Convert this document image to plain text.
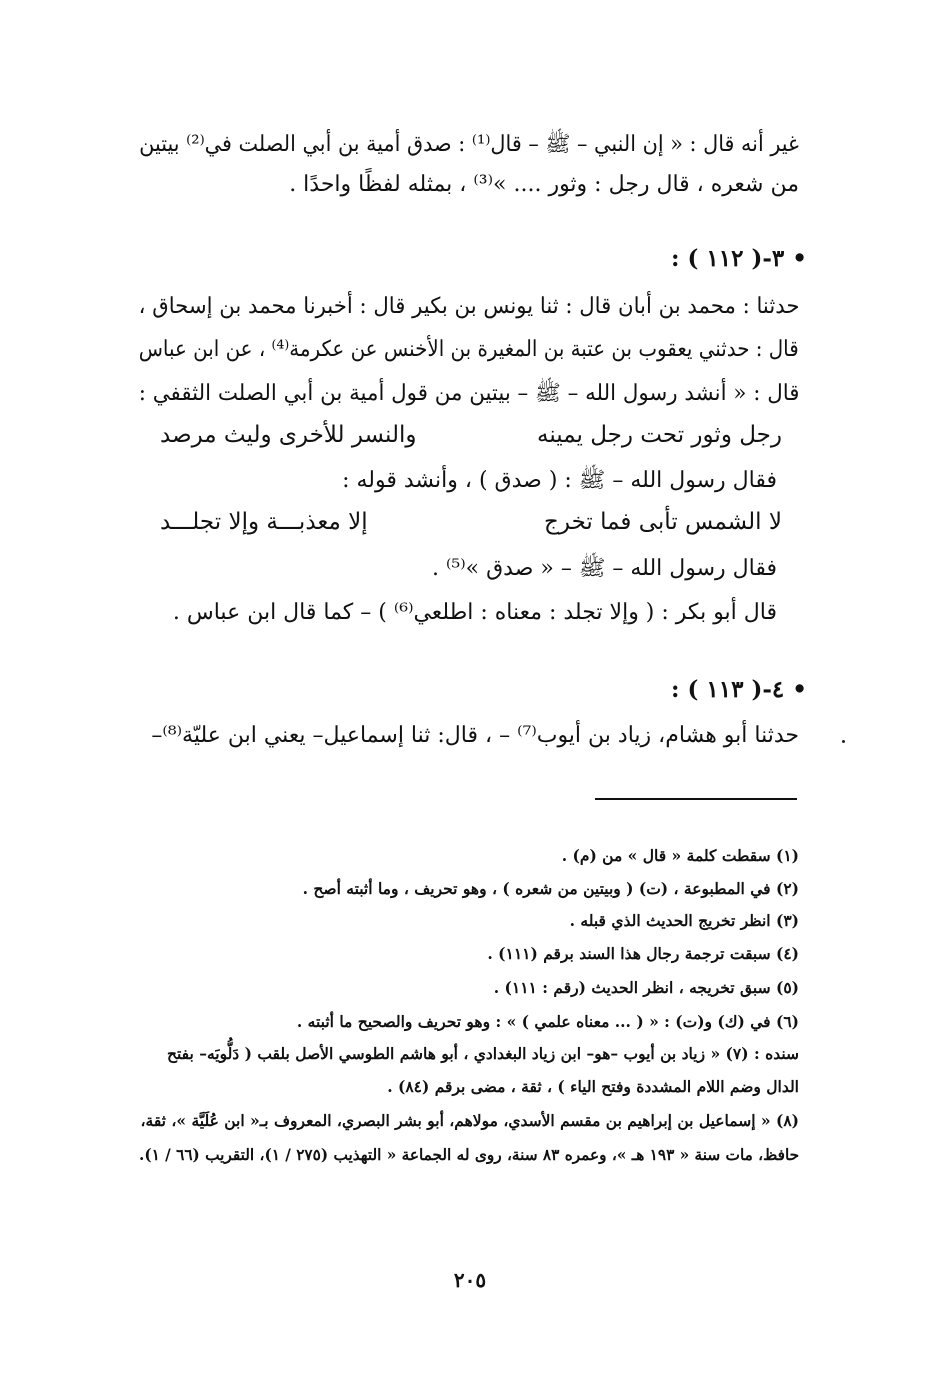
غير أنه قال : « إن النبي – ﷺ – قال⁽¹⁾ : صدق أمية بن أبي الصلت في⁽²⁾ بيتين
من شعره ، قال رجل : وثور .... »⁽³⁾ ، بمثله لفظًا واحدًا .
• ٣-( ١١٢ ) :
حدثنا : محمد بن أبان قال : ثنا يونس بن بكير قال : أخبرنا محمد بن إسحاق ،
قال : حدثني يعقوب بن عتبة بن المغيرة بن الأخنس عن عكرمة⁽⁴⁾ ، عن ابن عباس
قال : « أنشد رسول الله – ﷺ – بيتين من قول أمية بن أبي الصلت الثقفي :
رجل وثور تحت رجل يمينه
والنسر للأخرى وليث مرصد
فقال رسول الله – ﷺ : ( صدق ) ، وأنشد قوله :
لا الشمس تأبى فما تخرج
إلا معذبـــة وإلا تجلـــد
فقال رسول الله – ﷺ – « صدق »⁽⁵⁾ .
قال أبو بكر : ( وإلا تجلد : معناه : اطلعي⁽⁶⁾ ) – كما قال ابن عباس .
• ٤-( ١١٣ ) :
حدثنا أبو هشام، زياد بن أيوب⁽⁷⁾ – ، قال: ثنا إسماعيل– يعني ابن عليّة⁽⁸⁾–
(١) سقطت كلمة « قال » من (م) .
(٢) في المطبوعة ، (ت) ( وبيتين من شعره ) ، وهو تحريف ، وما أثبته أصح .
(٣) انظر تخريج الحديث الذي قبله .
(٤) سبقت ترجمة رجال هذا السند برقم (١١١) .
(٥) سبق تخريجه ، انظر الحديث (رقم : ١١١) .
(٦) في (ك) و(ت) : « ( ... معناه علمي ) » : وهو تحريف والصحيح ما أثبته .
سنده : (٧) « زياد بن أيوب –هو– ابن زياد البغدادي ، أبو هاشم الطوسي الأصل بلقب ( دَلُّويَه– بفتح
الدال وضم اللام المشددة وفتح الياء ) ، ثقة ، مضى برقم (٨٤) .
(٨) « إسماعيل بن إبراهيم بن مقسم الأسدي، مولاهم، أبو بشر البصري، المعروف بـ« ابن عُلَيَّة »، ثقة،
حافظ، مات سنة « ١٩٣ هـ »، وعمره ٨٣ سنة، روى له الجماعة « التهذيب (٢٧٥ / ١)، التقريب (٦٦ / ١).
٢٠٥
